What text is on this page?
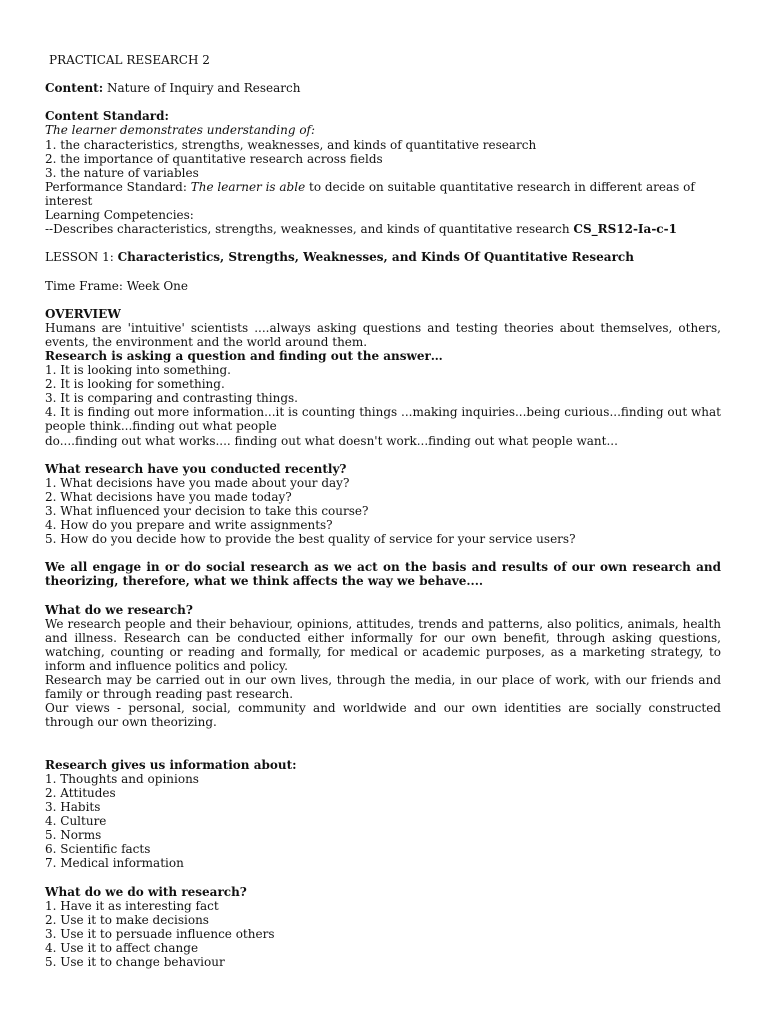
PRACTICAL RESEARCH 2

Content: Nature of Inquiry and Research

Content Standard:

The learner demonstrates understanding of:

1. the characteristics, strengths, weaknesses, and kinds of quantitative research

2. the importance of quantitative research across fields

3. the nature of variables

Performance Standard: The learner is able to decide on suitable quantitative research in different areas of interest

Learning Competencies:

--Describes characteristics, strengths, weaknesses, and kinds of quantitative research CS_RS12-Ia-c-1

LESSON 1: Characteristics, Strengths, Weaknesses, and Kinds Of Quantitative Research

Time Frame: Week One

OVERVIEW

Humans are 'intuitive' scientists ....always asking questions and testing theories about themselves, others, events, the environment and the world around them.

Research is asking a question and finding out the answer…

1. It is looking into something.

2. It is looking for something.

3. It is comparing and contrasting things.

4. It is finding out more information...it is counting things ...making inquiries...being curious...finding out what people think...finding out what people

do....finding out what works.... finding out what doesn't work...finding out what people want...

What research have you conducted recently?

1. What decisions have you made about your day?

2. What decisions have you made today?

3. What influenced your decision to take this course?

4. How do you prepare and write assignments?

5. How do you decide how to provide the best quality of service for your service users?

We all engage in or do social research as we act on the basis and results of our own research and theorizing, therefore, what we think affects the way we behave....

What do we research?

We research people and their behaviour, opinions, attitudes, trends and patterns, also politics, animals, health and illness. Research can be conducted either informally for our own benefit, through asking questions, watching, counting or reading and formally, for medical or academic purposes, as a marketing strategy, to inform and influence politics and policy.

Research may be carried out in our own lives, through the media, in our place of work, with our friends and family or through reading past research.

Our views - personal, social, community and worldwide and our own identities are socially constructed through our own theorizing.

Research gives us information about:

1. Thoughts and opinions

2. Attitudes

3. Habits

4. Culture

5. Norms

6. Scientific facts

7. Medical information

What do we do with research?

1. Have it as interesting fact

2. Use it to make decisions

3. Use it to persuade influence others

4. Use it to affect change

5. Use it to change behaviour
